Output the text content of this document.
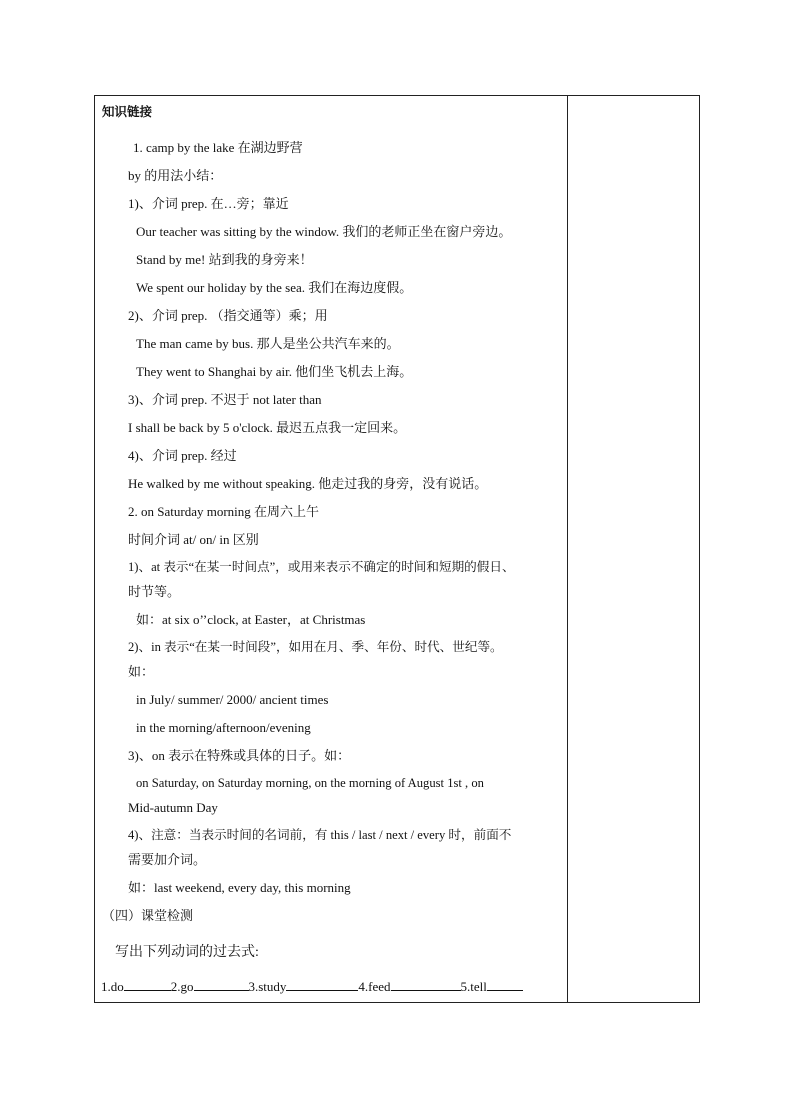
知识链接
1. camp by the lake 在湖边野营
by 的用法小结：
1)、介词 prep. 在…旁；靠近
Our teacher was sitting by the window. 我们的老师正坐在窗户旁边。
Stand by me! 站到我的身旁来！
We spent our holiday by the sea. 我们在海边度假。
2)、介词 prep. （指交通等）乘；用
The man came by bus. 那人是坐公共汽车来的。
They went to Shanghai by air. 他们坐飞机去上海。
3)、介词 prep. 不迟于 not later than
I shall be back by 5 o'clock. 最迟五点我一定回来。
4)、介词 prep. 经过
He walked by me without speaking. 他走过我的身旁，没有说话。
2. on Saturday morning 在周六上午
时间介词 at/ on/ in 区别
1)、at 表示“在某一时间点”，或用来表示不确定的时间和短期的假日、
时节等。
如：at six o’’clock, at Easter，at Christmas
2)、in 表示“在某一时间段”，如用在月、季、年份、时代、世纪等。
如：
in July/ summer/ 2000/ ancient times
in the morning/afternoon/evening
3)、on 表示在特殊或具体的日子。如：
on Saturday, on Saturday morning, on the morning of August 1st , on
Mid-autumn Day
4)、注意：当表示时间的名词前，有 this / last / next / every 时，前面不
需要加介词。
如：last weekend, every day, this morning
（四）课堂检测
写出下列动词的过去式:
1.do	2.go	3.study	4.feed	5.tell
